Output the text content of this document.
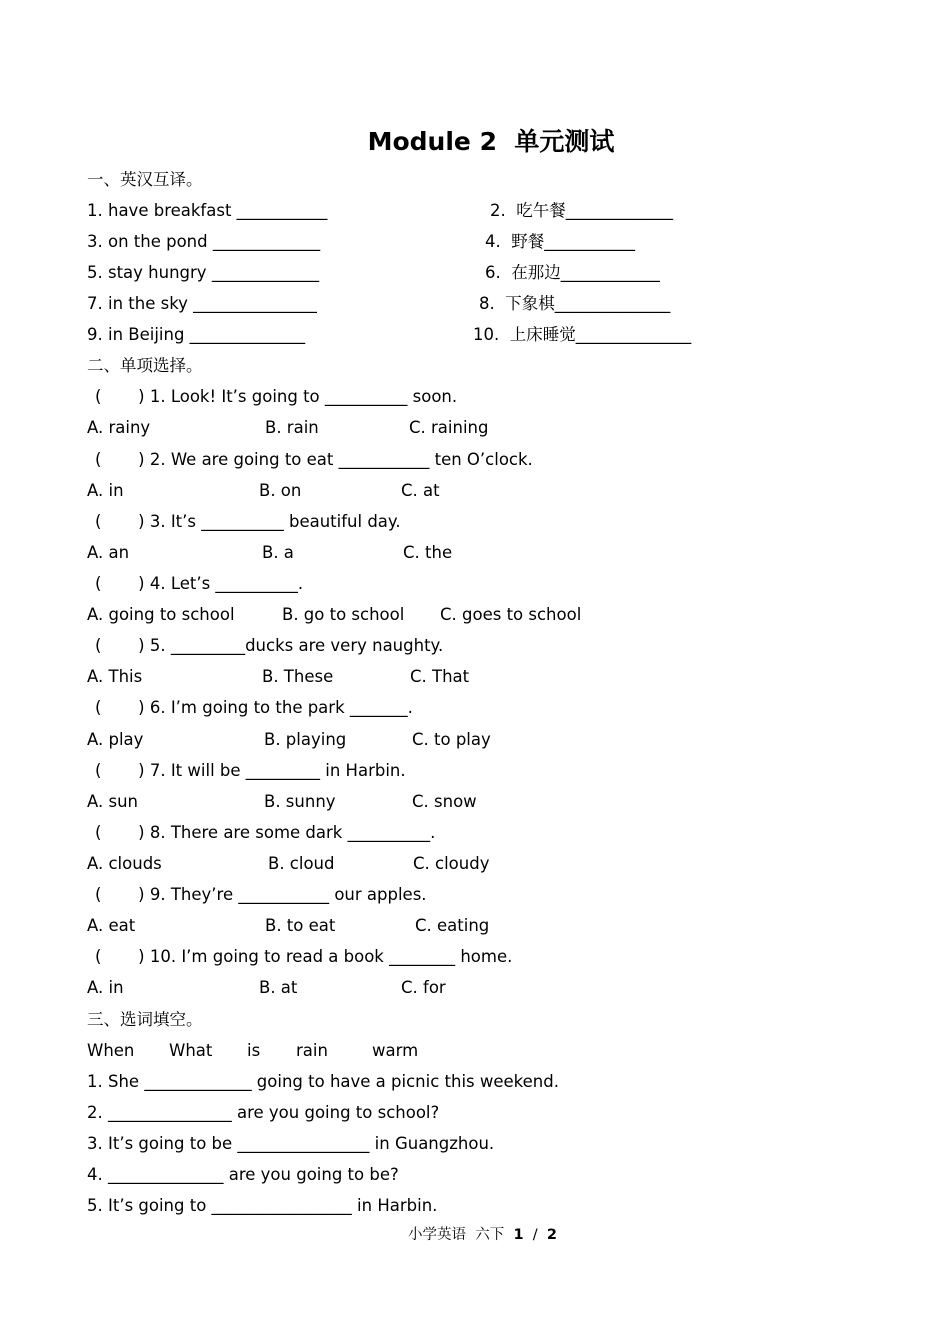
Module 2  单元测试
一、英汉互译。
1. have breakfast ___________	2.  吃午餐_____________
3. on the pond _____________	4.  野餐___________
5. stay hungry _____________	6.  在那边____________
7. in the sky _______________	8.  下象棋______________
9. in Beijing ______________	10.  上床睡觉______________
二、单项选择。
(       ) 1. Look! It’s going to __________ soon.
A. rainy	B. rain	C. raining
(       ) 2. We are going to eat ___________ ten O’clock.
A. in	B. on	C. at
(       ) 3. It’s __________ beautiful day.
A. an	B. a	C. the
(       ) 4. Let’s __________.
A. going to school	B. go to school C. goes to school
(       ) 5. _________ducks are very naughty.
A. This	B. These	C. That
(       ) 6. I’m going to the park _______.
A. play	B. playing	C. to play
(       ) 7. It will be _________ in Harbin.
A. sun	B. sunny	C. snow
(       ) 8. There are some dark __________.
A. clouds	B. cloud	C. cloudy
(       ) 9. They’re ___________ our apples.
A. eat	B. to eat	C. eating
(       ) 10. I’m going to read a book ________ home.
A. in	B. at	C. for
三、选词填空。
When What is rain	warm
1. She _____________ going to have a picnic this weekend.
2. _______________ are you going to school?
3. It’s going to be ________________ in Guangzhou.
4. ______________ are you going to be?
5. It’s going to _________________ in Harbin.
小学英语  六下  1  /  2
